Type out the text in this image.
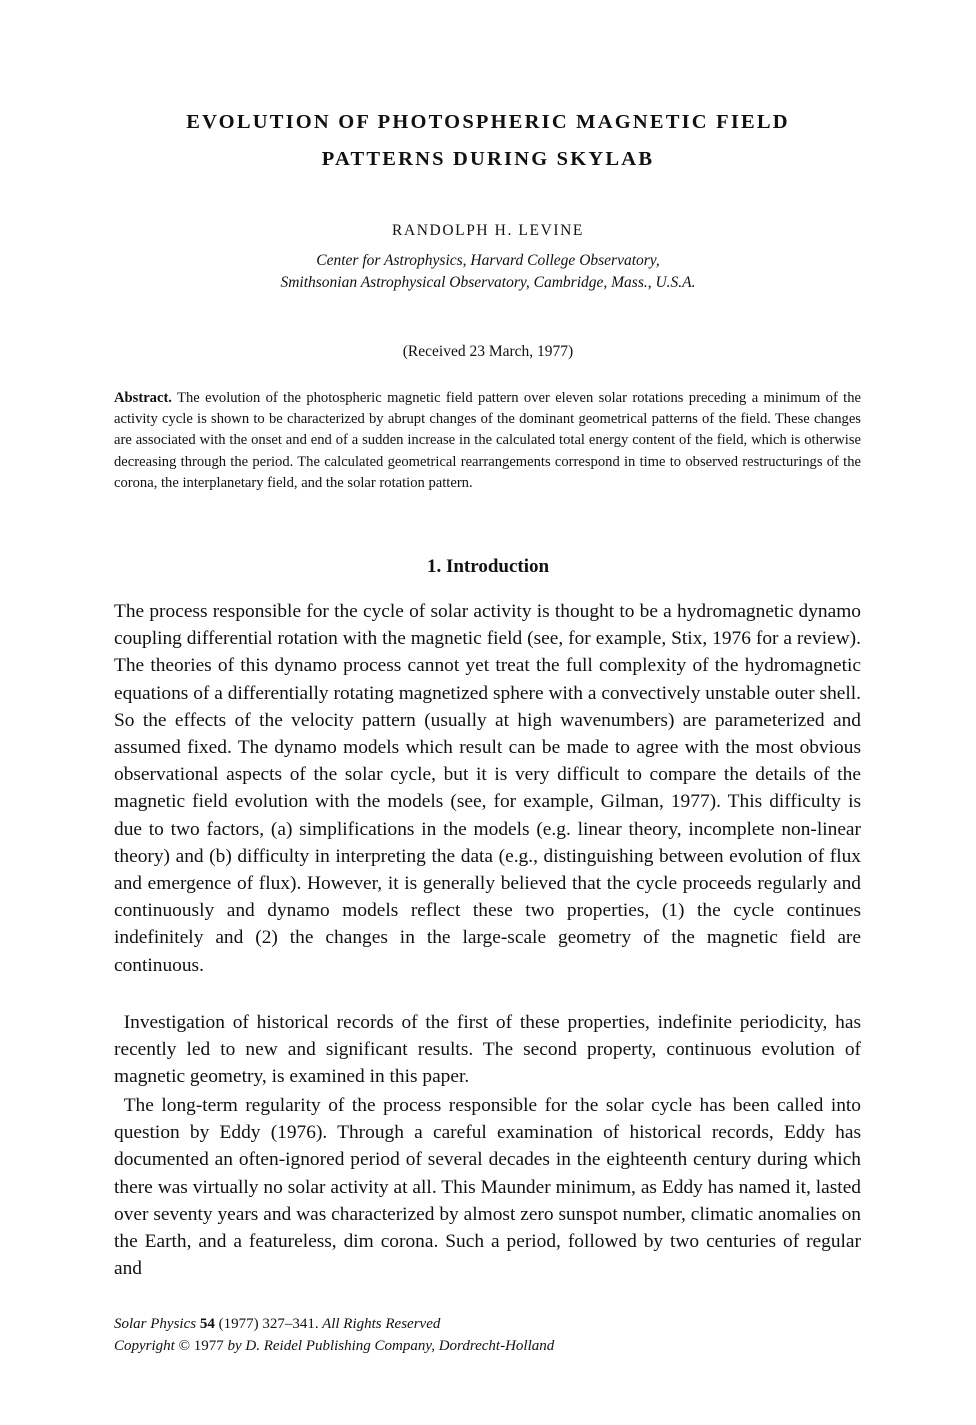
EVOLUTION OF PHOTOSPHERIC MAGNETIC FIELD
PATTERNS DURING SKYLAB

RANDOLPH H. LEVINE

Center for Astrophysics, Harvard College Observatory,
Smithsonian Astrophysical Observatory, Cambridge, Mass., U.S.A.

(Received 23 March, 1977)

Abstract. The evolution of the photospheric magnetic field pattern over eleven solar rotations preceding a minimum of the activity cycle is shown to be characterized by abrupt changes of the dominant geometrical patterns of the field. These changes are associated with the onset and end of a sudden increase in the calculated total energy content of the field, which is otherwise decreasing through the period. The calculated geometrical rearrangements correspond in time to observed restructurings of the corona, the interplanetary field, and the solar rotation pattern.

1. Introduction

The process responsible for the cycle of solar activity is thought to be a hydromagnetic dynamo coupling differential rotation with the magnetic field (see, for example, Stix, 1976 for a review). The theories of this dynamo process cannot yet treat the full complexity of the hydromagnetic equations of a differentially rotating magnetized sphere with a convectively unstable outer shell. So the effects of the velocity pattern (usually at high wavenumbers) are parameterized and assumed fixed. The dynamo models which result can be made to agree with the most obvious observational aspects of the solar cycle, but it is very difficult to compare the details of the magnetic field evolution with the models (see, for example, Gilman, 1977). This difficulty is due to two factors, (a) simplifications in the models (e.g. linear theory, incomplete non-linear theory) and (b) difficulty in interpreting the data (e.g., distinguishing between evolution of flux and emergence of flux). However, it is generally believed that the cycle proceeds regularly and continuously and dynamo models reflect these two properties, (1) the cycle continues indefinitely and (2) the changes in the large-scale geometry of the magnetic field are continuous.

 Investigation of historical records of the first of these properties, indefinite periodicity, has recently led to new and significant results. The second property, continuous evolution of magnetic geometry, is examined in this paper.

 The long-term regularity of the process responsible for the solar cycle has been called into question by Eddy (1976). Through a careful examination of historical records, Eddy has documented an often-ignored period of several decades in the eighteenth century during which there was virtually no solar activity at all. This Maunder minimum, as Eddy has named it, lasted over seventy years and was characterized by almost zero sunspot number, climatic anomalies on the Earth, and a featureless, dim corona. Such a period, followed by two centuries of regular and

Solar Physics 54 (1977) 327–341. All Rights Reserved
Copyright © 1977 by D. Reidel Publishing Company, Dordrecht-Holland
